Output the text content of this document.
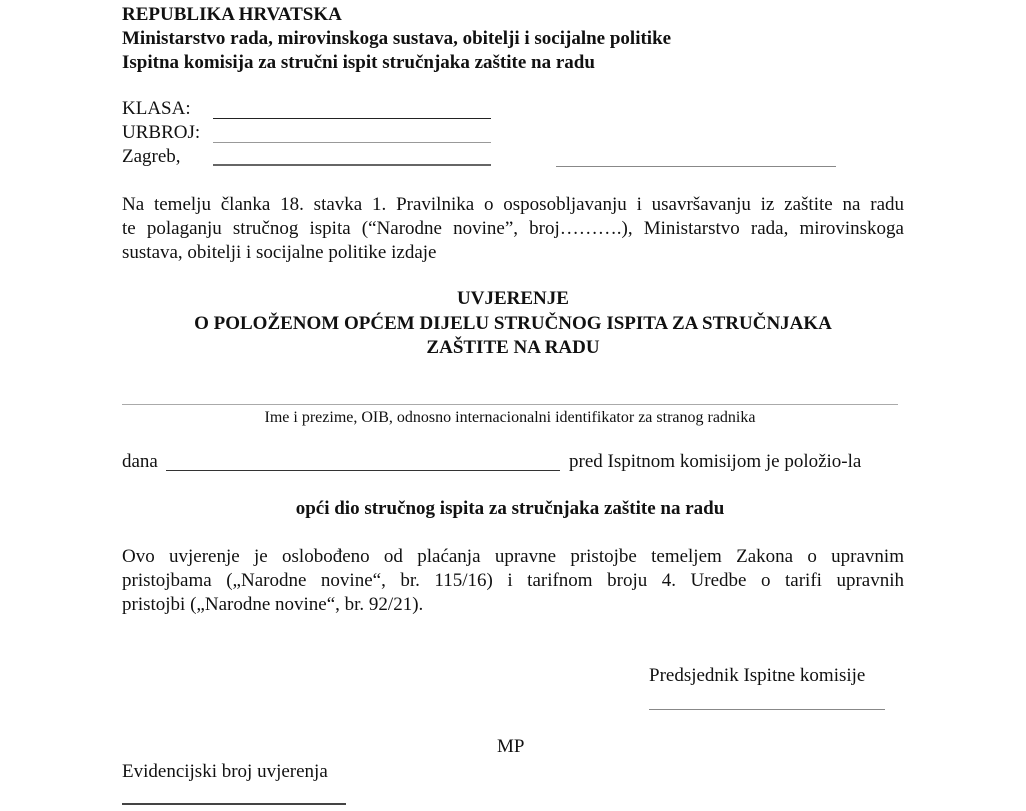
REPUBLIKA HRVATSKA
Ministarstvo rada, mirovinskoga sustava, obitelji i socijalne politike
Ispitna komisija za stručni ispit stručnjaka zaštite na radu
KLASA:
URBROJ:
Zagreb,
Na temelju članka 18. stavka 1. Pravilnika o osposobljavanju i usavršavanju iz zaštite na radu
te polaganju stručnog ispita (“Narodne novine”, broj……….), Ministarstvo rada, mirovinskoga
sustava, obitelji i socijalne politike izdaje
UVJERENJE
O POLOŽENOM OPĆEM DIJELU STRUČNOG ISPITA ZA STRUČNJAKA
ZAŠTITE NA RADU
Ime i prezime, OIB, odnosno internacionalni identifikator za stranog radnika
dana	pred Ispitnom komisijom je položio-la
opći dio stručnog ispita za stručnjaka zaštite na radu
Ovo uvjerenje je oslobođeno od plaćanja upravne pristojbe temeljem Zakona o upravnim
pristojbama („Narodne novine“, br. 115/16) i tarifnom broju 4. Uredbe o tarifi upravnih
pristojbi („Narodne novine“, br. 92/21).
Predsjednik Ispitne komisije
MP
Evidencijski broj uvjerenja
